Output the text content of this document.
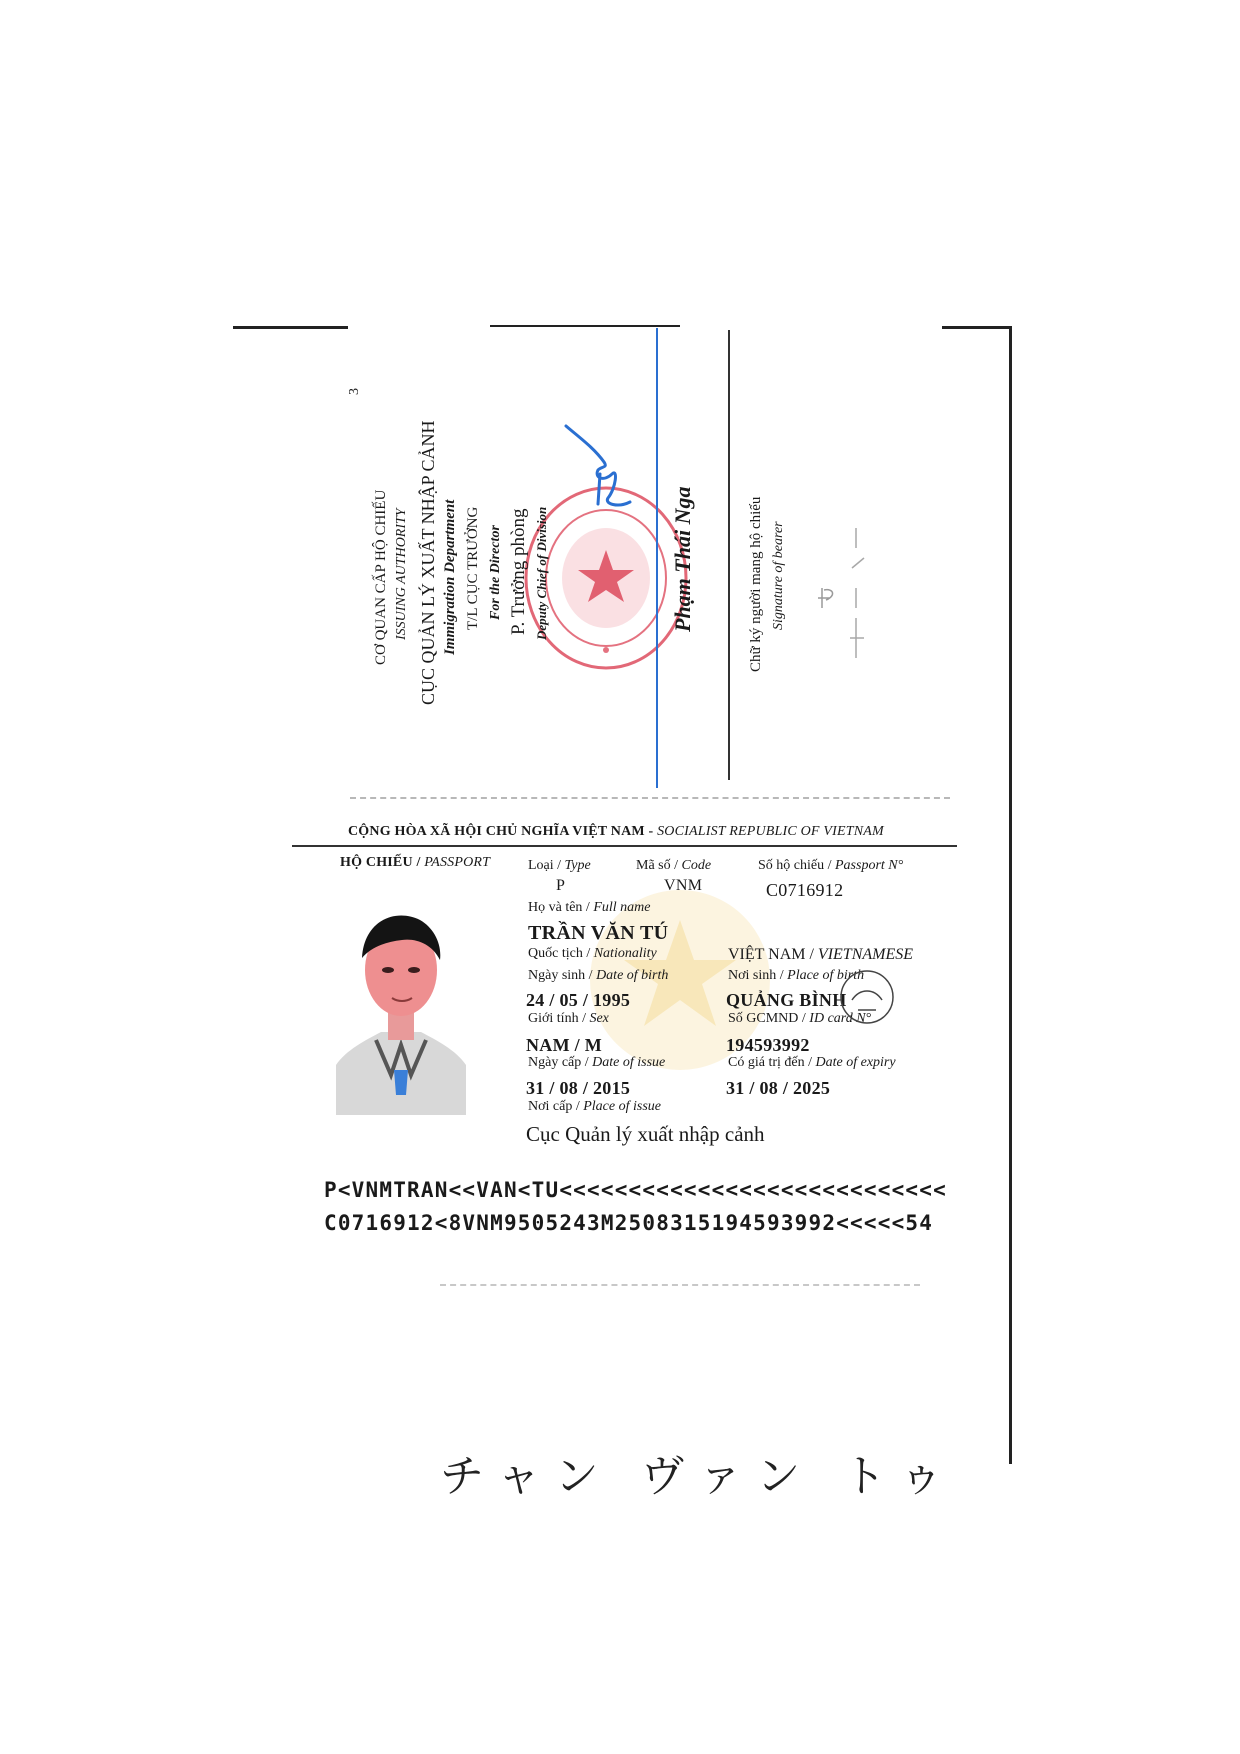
3
CƠ QUAN CẤP HỘ CHIẾU ISSUING AUTHORITY CỤC QUẢN LÝ XUẤT NHẬP CẢNH Immigration Department T/L CỤC TRƯỞNG For the Director P. Trưởng phòng Deputy Chief of Division	Phạm Thái Nga	Chữ ký người mang hộ chiếu Signature of bearer
CỘNG HÒA XÃ HỘI CHỦ NGHĨA VIỆT NAM - SOCIALIST REPUBLIC OF VIETNAM
HỘ CHIẾU / PASSPORT	Loại / Type
P
Mã số / Code
VNM
Số hộ chiếu / Passport N°
C0716912
Họ và tên / Full name
TRẦN VĂN TÚ
Quốc tịch / Nationality	VIỆT NAM / VIETNAMESE
Ngày sinh / Date of birth	Nơi sinh / Place of birth
24 / 05 / 1995	QUẢNG BÌNH
Giới tính / Sex	Số GCMND / ID card N°
NAM / M	194593992
Ngày cấp / Date of issue	Có giá trị đến / Date of expiry
31 / 08 / 2015	31 / 08 / 2025
Nơi cấp / Place of issue
Cục Quản lý xuất nhập cảnh
P<VNMTRAN<<VAN<TU<<<<<<<<<<<<<<<<<<<<<<<<<<<<
C0716912<8VNM9505243M2508315194593992<<<<<54
チャン ヴァン トゥ
